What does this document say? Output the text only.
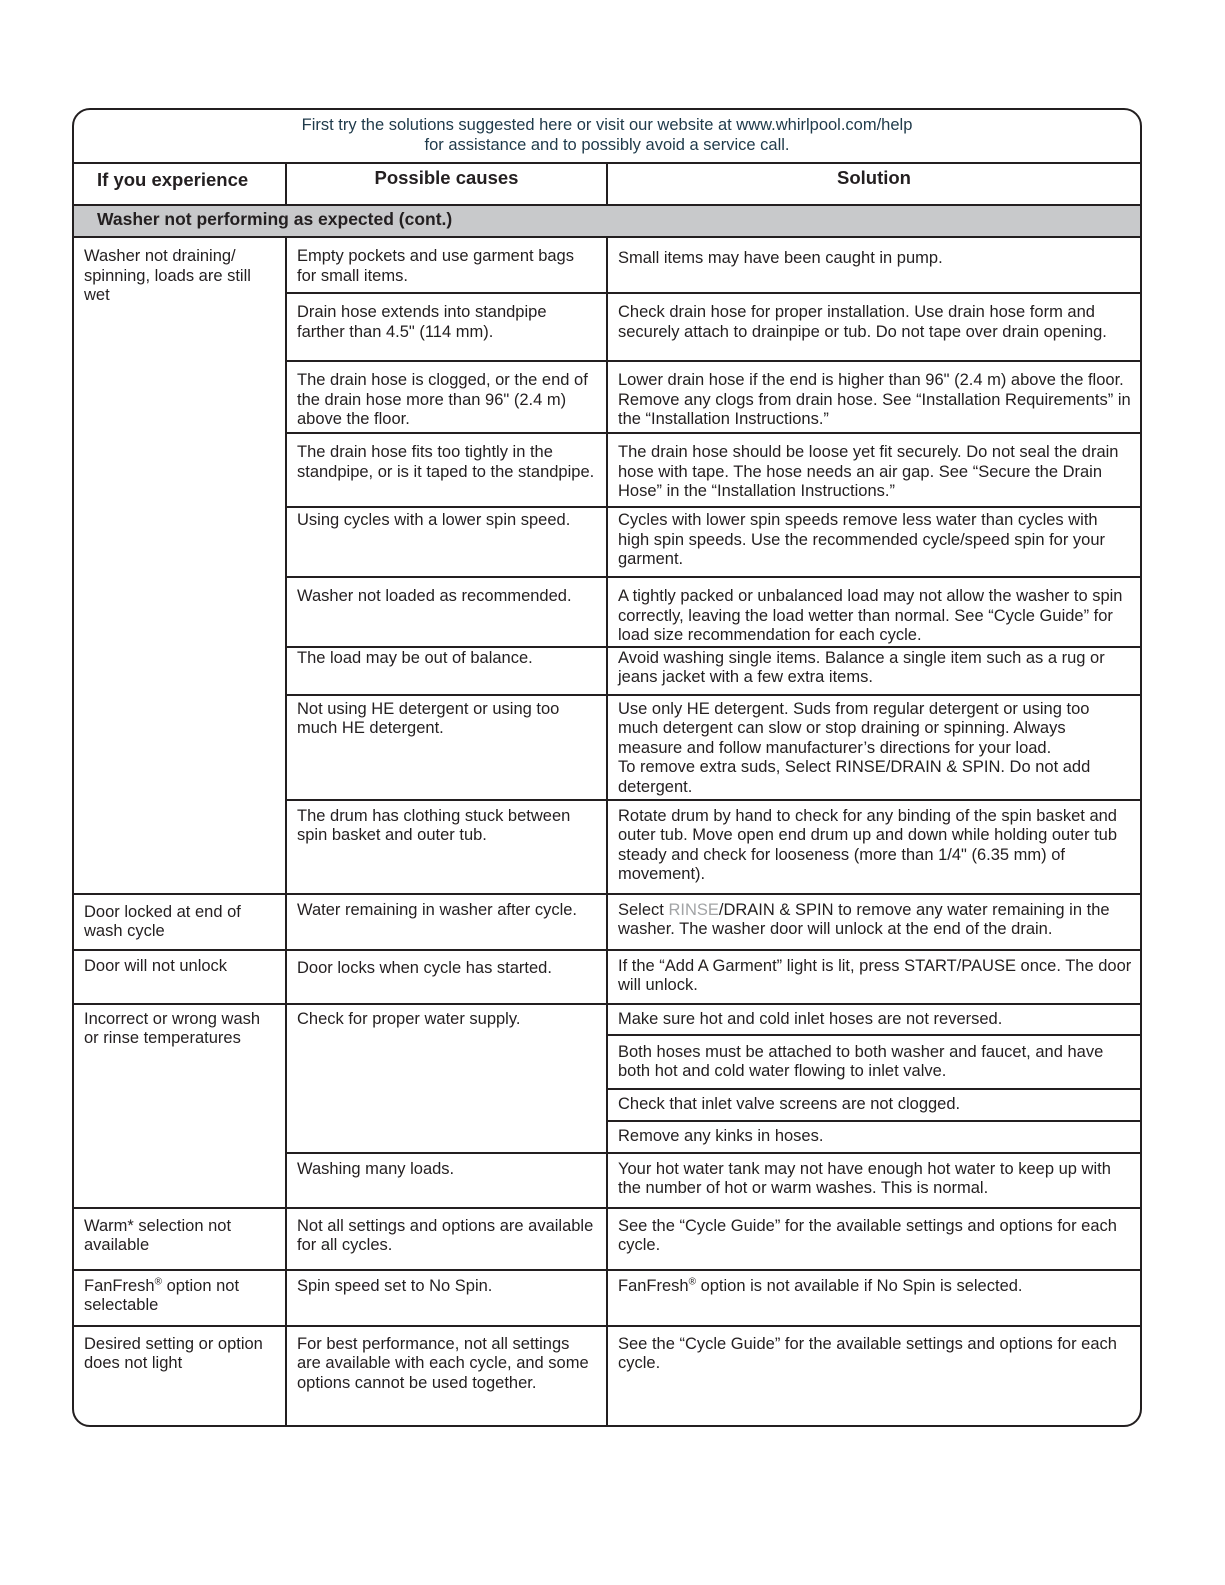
First try the solutions suggested here or visit our website at www.whirlpool.com/help
for assistance and to possibly avoid a service call.		

If you experience	Possible causes	Solution
Washer not performing as expected (cont.)		
Washer not draining/ spinning, loads are still wet	Empty pockets and use garment bags for small items.	Small items may have been caught in pump.
	Drain hose extends into standpipe farther than 4.5" (114 mm).	Check drain hose for proper installation. Use drain hose form and securely attach to drainpipe or tub. Do not tape over drain opening.
	The drain hose is clogged, or the end of the drain hose more than 96" (2.4 m) above the floor.	Lower drain hose if the end is higher than 96" (2.4 m) above the floor. Remove any clogs from drain hose. See “Installation Requirements” in the “Installation Instructions.”
	The drain hose fits too tightly in the standpipe, or is it taped to the standpipe.	The drain hose should be loose yet fit securely. Do not seal the drain hose with tape. The hose needs an air gap. See “Secure the Drain Hose” in the “Installation Instructions.”
	Using cycles with a lower spin speed.	Cycles with lower spin speeds remove less water than cycles with high spin speeds. Use the recommended cycle/speed spin for your garment.
	Washer not loaded as recommended.	A tightly packed or unbalanced load may not allow the washer to spin correctly, leaving the load wetter than normal. See “Cycle Guide” for load size recommendation for each cycle.
	The load may be out of balance.	Avoid washing single items. Balance a single item such as a rug or jeans jacket with a few extra items.
	Not using HE detergent or using too much HE detergent.	Use only HE detergent. Suds from regular detergent or using too much detergent can slow or stop draining or spinning. Always measure and follow manufacturer’s directions for your load.
To remove extra suds, Select RINSE/DRAIN & SPIN. Do not add detergent.

	The drum has clothing stuck between spin basket and outer tub.	Rotate drum by hand to check for any binding of the spin basket and outer tub. Move open end drum up and down while holding outer tub steady and check for looseness (more than 1/4" (6.35 mm) of movement).
Door locked at end of wash cycle	Water remaining in washer after cycle.	Select RINSE/DRAIN & SPIN to remove any water remaining in the washer. The washer door will unlock at the end of the drain.
Door will not unlock	Door locks when cycle has started.	If the “Add A Garment” light is lit, press START/PAUSE once. The door will unlock.
Incorrect or wrong wash or rinse temperatures	Check for proper water supply.	Make sure hot and cold inlet hoses are not reversed.
		Both hoses must be attached to both washer and faucet, and have both hot and cold water flowing to inlet valve.
		Check that inlet valve screens are not clogged.
		Remove any kinks in hoses.
	Washing many loads.	Your hot water tank may not have enough hot water to keep up with the number of hot or warm washes. This is normal.
Warm* selection not available	Not all settings and options are available for all cycles.	See the “Cycle Guide” for the available settings and options for each cycle.
FanFresh® option not selectable	Spin speed set to No Spin.	FanFresh® option is not available if No Spin is selected.
Desired setting or option does not light	For best performance, not all settings are available with each cycle, and some options cannot be used together.	See the “Cycle Guide” for the available settings and options for each cycle.
